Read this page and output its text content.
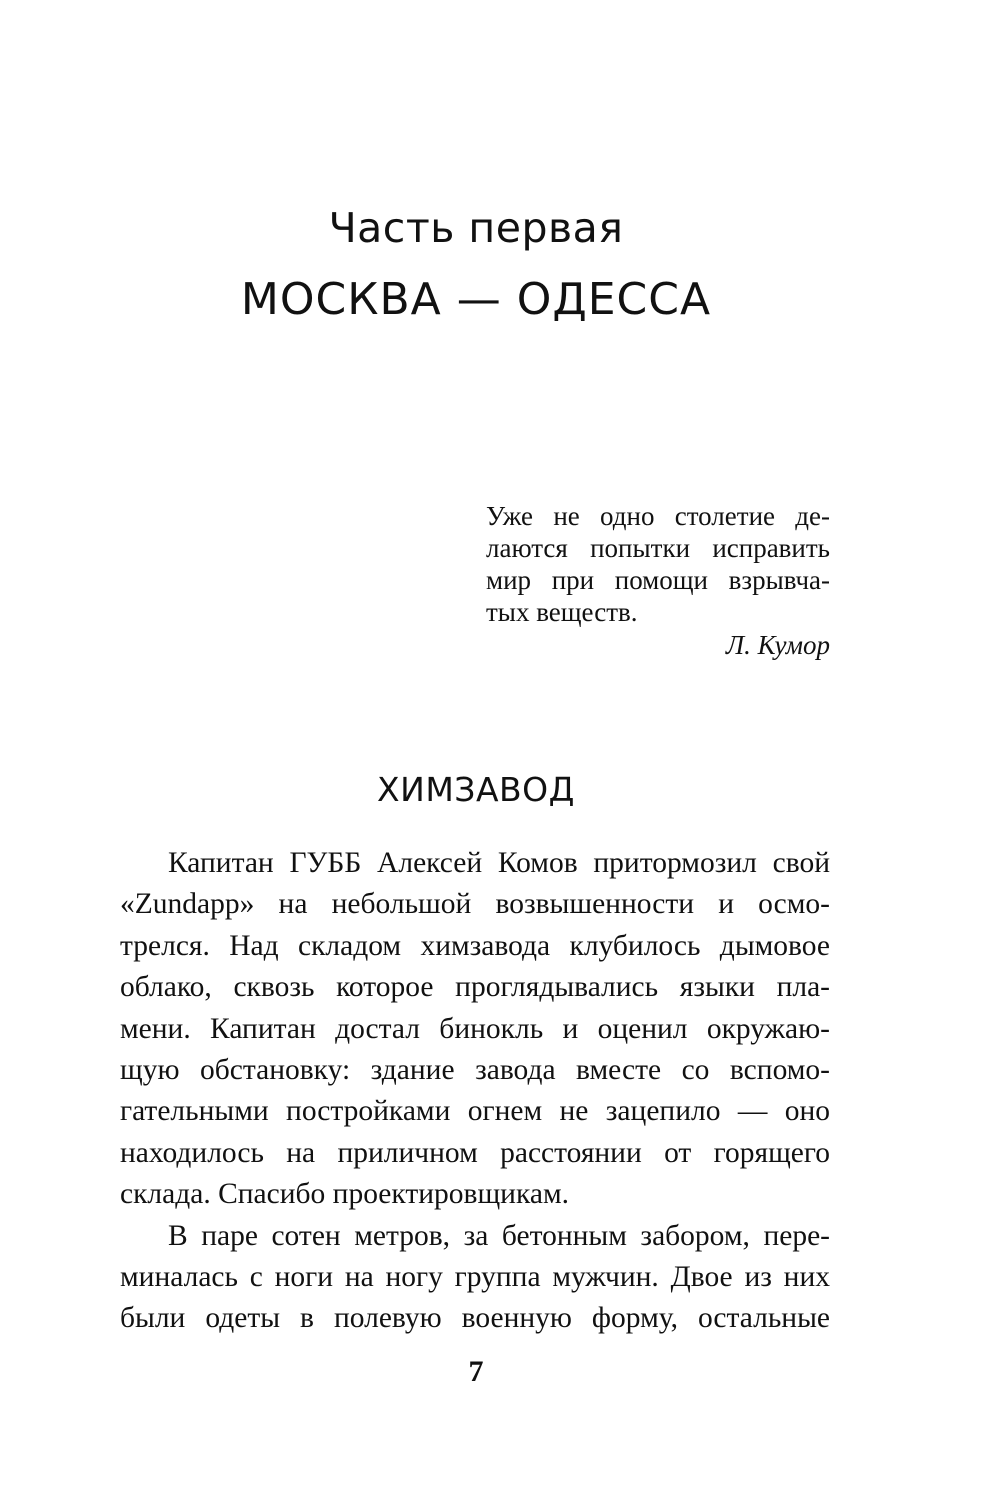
Часть первая
МОСКВА — ОДЕССА
Уже не одно столетие де-
лаются попытки исправить
мир при помощи взрывча-
тых веществ.
Л. Кумор
ХИМЗАВОД
Капитан ГУББ Алексей Комов притормозил свой
«Zundapp» на небольшой возвышенности и осмо-
трелся. Над складом химзавода клубилось дымовое
облако, сквозь которое проглядывались языки пла-
мени. Капитан достал бинокль и оценил окружаю-
щую обстановку: здание завода вместе со вспомо-
гательными постройками огнем не зацепило — оно
находилось на приличном расстоянии от горящего
склада. Спасибо проектировщикам.
В паре сотен метров, за бетонным забором, пере-
миналась с ноги на ногу группа мужчин. Двое из них
были одеты в полевую военную форму, остальные
7
